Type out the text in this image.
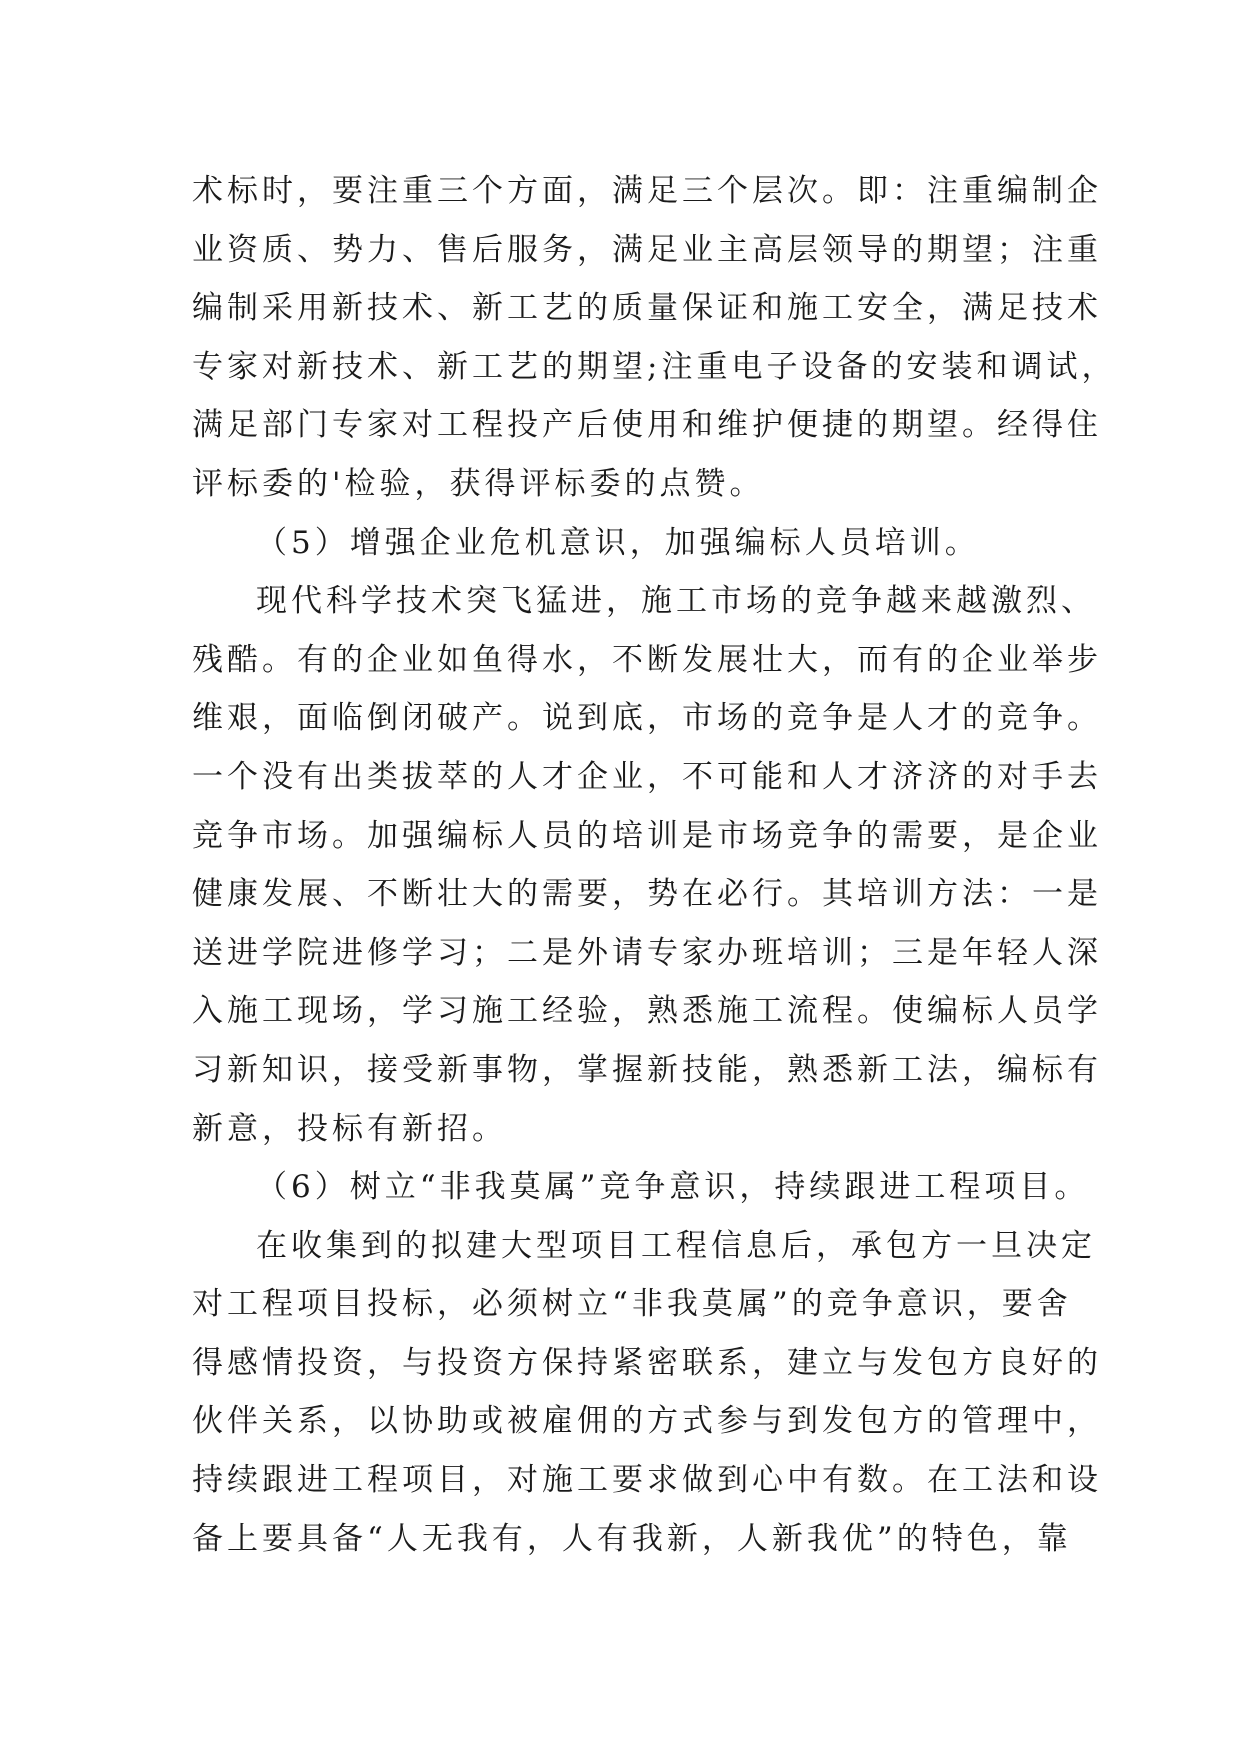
术标时，要注重三个方面，满足三个层次。即：注重编制企
业资质、势力、售后服务，满足业主高层领导的期望；注重
编制采用新技术、新工艺的质量保证和施工安全，满足技术
专家对新技术、新工艺的期望;注重电子设备的安装和调试，
满足部门专家对工程投产后使用和维护便捷的期望。经得住
评标委的'检验，获得评标委的点赞。
（5）增强企业危机意识，加强编标人员培训。
现代科学技术突飞猛进，施工市场的竞争越来越激烈、
残酷。有的企业如鱼得水，不断发展壮大，而有的企业举步
维艰，面临倒闭破产。说到底，市场的竞争是人才的竞争。
一个没有出类拔萃的人才企业，不可能和人才济济的对手去
竞争市场。加强编标人员的培训是市场竞争的需要，是企业
健康发展、不断壮大的需要，势在必行。其培训方法：一是
送进学院进修学习；二是外请专家办班培训；三是年轻人深
入施工现场，学习施工经验，熟悉施工流程。使编标人员学
习新知识，接受新事物，掌握新技能，熟悉新工法，编标有
新意，投标有新招。
（6）树立“非我莫属”竞争意识，持续跟进工程项目。
在收集到的拟建大型项目工程信息后，承包方一旦决定
对工程项目投标，必须树立“非我莫属”的竞争意识，要舍
得感情投资，与投资方保持紧密联系，建立与发包方良好的
伙伴关系，以协助或被雇佣的方式参与到发包方的管理中，
持续跟进工程项目，对施工要求做到心中有数。在工法和设
备上要具备“人无我有，人有我新，人新我优”的特色，靠
